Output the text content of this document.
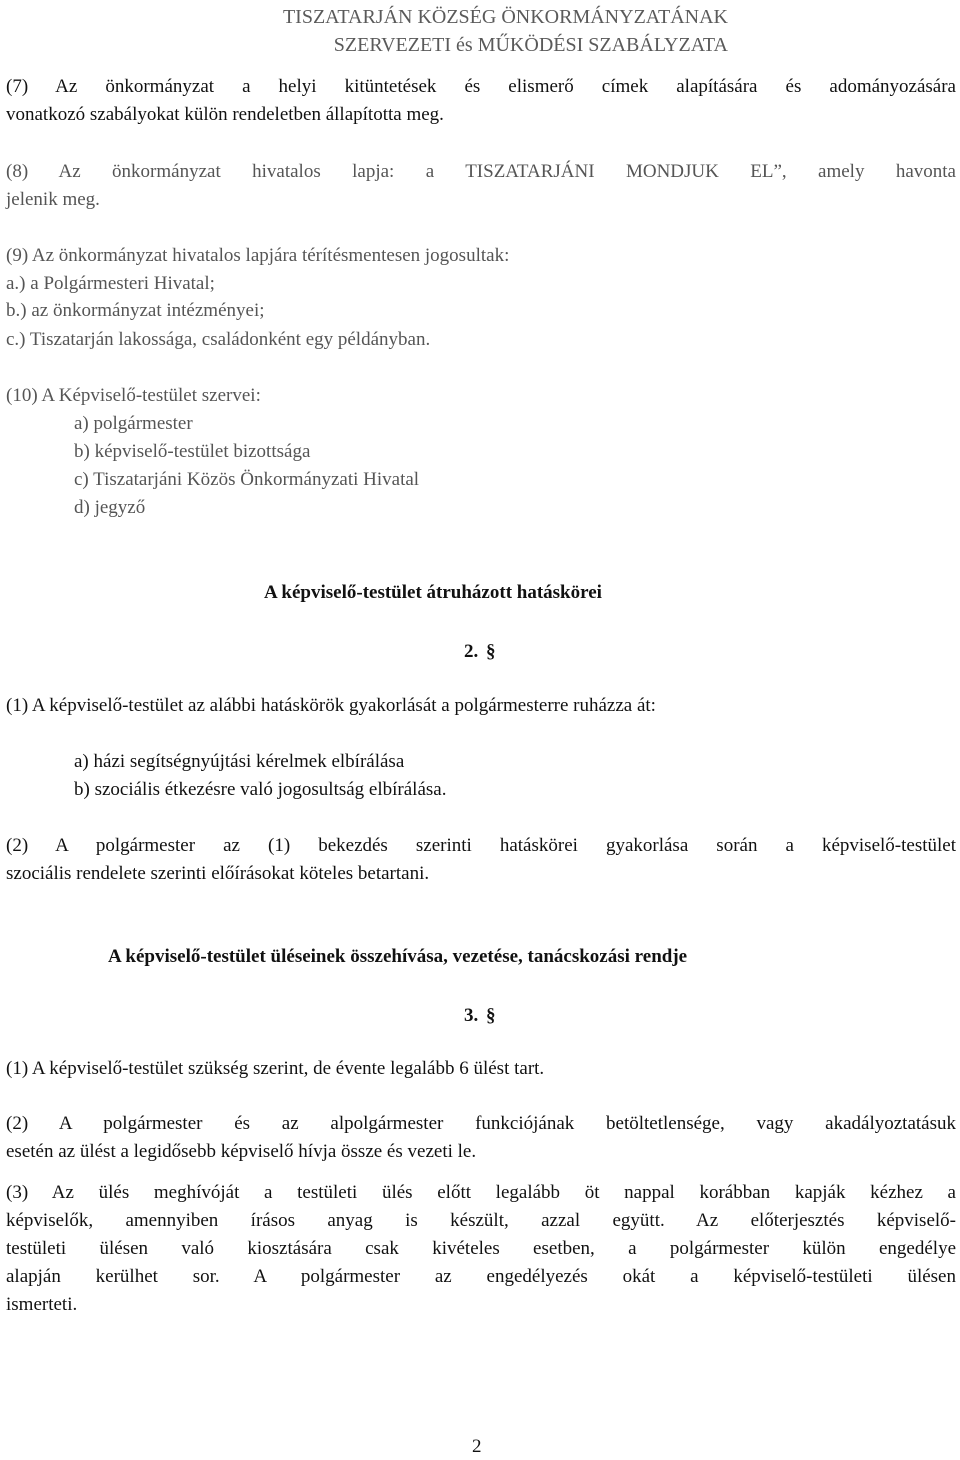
TISZATARJÁN KÖZSÉG ÖNKORMÁNYZATÁNAK
SZERVEZETI és MŰKÖDÉSI SZABÁLYZATA
(7) Az önkormányzat a helyi kitüntetések és elismerő címek alapítására és adományozására
vonatkozó szabályokat külön rendeletben állapította meg.
(8) Az önkormányzat hivatalos lapja: a TISZATARJÁNI MONDJUK EL”, amely havonta
jelenik meg.
(9) Az önkormányzat hivatalos lapjára térítésmentesen jogosultak:
a.) a Polgármesteri Hivatal;
b.) az önkormányzat intézményei;
c.) Tiszatarján lakossága, családonként egy példányban.
(10) A Képviselő-testület szervei:
a) polgármester
b) képviselő-testület bizottsága
c) Tiszatarjáni Közös Önkormányzati Hivatal
d) jegyző
A képviselő-testület átruházott hatáskörei
2. §
(1) A képviselő-testület az alábbi hatáskörök gyakorlását a polgármesterre ruházza át:
a) házi segítségnyújtási kérelmek elbírálása
b) szociális étkezésre való jogosultság elbírálása.
(2) A polgármester az (1) bekezdés szerinti hatáskörei gyakorlása során a képviselő-testület
szociális rendelete szerinti előírásokat köteles betartani.
A képviselő-testület üléseinek összehívása, vezetése, tanácskozási rendje
3. §
(1) A képviselő-testület szükség szerint, de évente legalább 6 ülést tart.
(2) A polgármester és az alpolgármester funkciójának betöltetlensége, vagy akadályoztatásuk
esetén az ülést a legidősebb képviselő hívja össze és vezeti le.
(3) Az ülés meghívóját a testületi ülés előtt legalább öt nappal korábban kapják kézhez a
képviselők, amennyiben írásos anyag is készült, azzal együtt. Az előterjesztés képviselő-
testületi ülésen való kiosztására csak kivételes esetben, a polgármester külön engedélye
alapján kerülhet sor. A polgármester az engedélyezés okát a képviselő-testületi ülésen
ismerteti.
2
